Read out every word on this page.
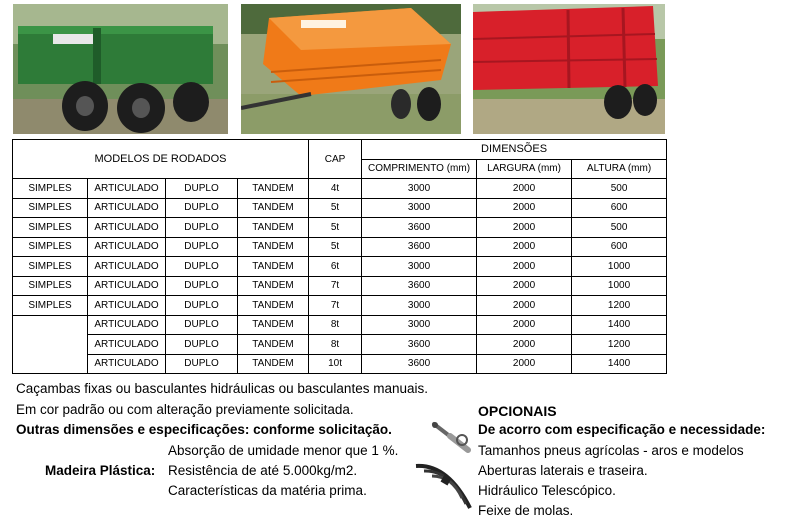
MODELOS DE RODADOS				CAP	DIMENSÕES		
					COMPRIMENTO (mm)	LARGURA (mm)	ALTURA (mm)
SIMPLES	ARTICULADO	DUPLO	TANDEM	4t	3000	2000	500
SIMPLES	ARTICULADO	DUPLO	TANDEM	5t	3000	2000	600
SIMPLES	ARTICULADO	DUPLO	TANDEM	5t	3600	2000	500
SIMPLES	ARTICULADO	DUPLO	TANDEM	5t	3600	2000	600
SIMPLES	ARTICULADO	DUPLO	TANDEM	6t	3000	2000	1000
SIMPLES	ARTICULADO	DUPLO	TANDEM	7t	3600	2000	1000
SIMPLES	ARTICULADO	DUPLO	TANDEM	7t	3000	2000	1200
	ARTICULADO	DUPLO	TANDEM	8t	3000	2000	1400
	ARTICULADO	DUPLO	TANDEM	8t	3600	2000	1200
	ARTICULADO	DUPLO	TANDEM	10t	3600	2000	1400
Caçambas fixas ou basculantes hidráulicas ou basculantes manuais.
Em cor padrão ou com alteração previamente solicitada.
Outras dimensões e especificações: conforme solicitação.
Absorção de umidade menor que 1 %.
Madeira Plástica: Resistência de até 5.000kg/m2.
Características da matéria prima.
OPCIONAIS
De acorro com especificação e necessidade:
Tamanhos pneus agrícolas - aros e modelos
Aberturas laterais e traseira.
Hidráulico Telescópico.
Feixe de molas.
